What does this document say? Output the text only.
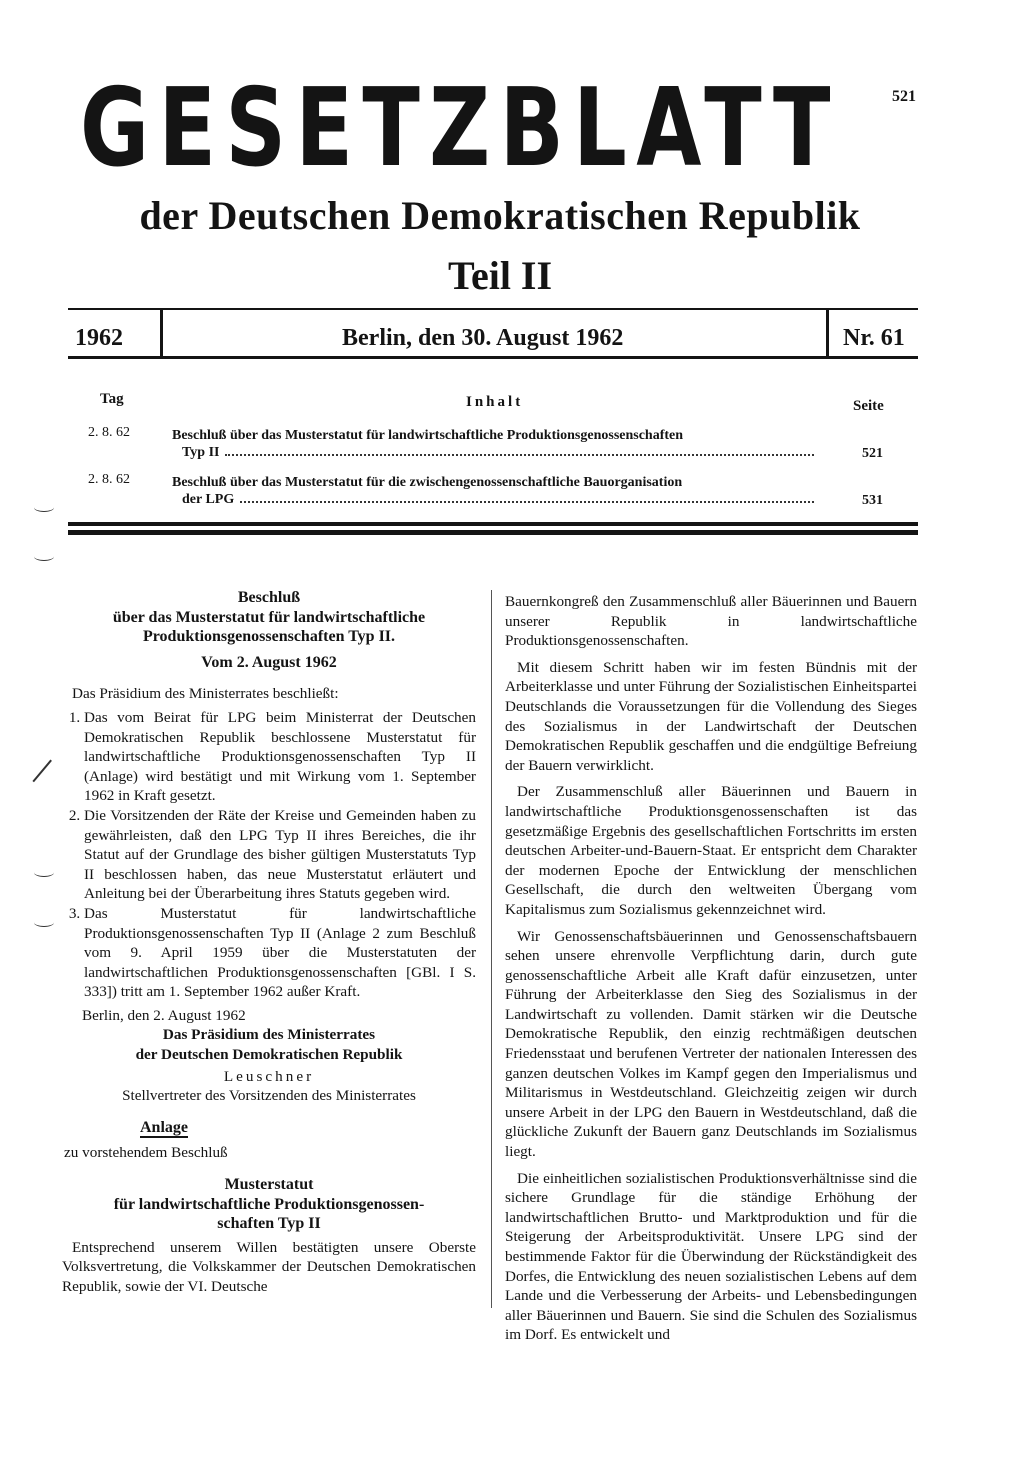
521
GESETZBLATT
der Deutschen Demokratischen Republik
Teil II
1962	Berlin, den 30. August 1962	Nr. 61
Tag	Inhalt	Seite
2. 8. 62	Beschluß über das Musterstatut für landwirtschaftliche Produktionsgenossenschaften
Typ II	521
2. 8. 62	Beschluß über das Musterstatut für die zwischengenossenschaftliche Bauorganisation
der LPG	531
Beschluß
über das Musterstatut für landwirtschaftliche
Produktionsgenossenschaften Typ II.
Vom 2. August 1962
Das Präsidium des Ministerrates beschließt:
1. Das vom Beirat für LPG beim Ministerrat der Deutschen Demokratischen Republik beschlossene Musterstatut für landwirtschaftliche Produktionsgenossenschaften Typ II (Anlage) wird bestätigt und mit Wirkung vom 1. September 1962 in Kraft gesetzt.
2. Die Vorsitzenden der Räte der Kreise und Gemeinden haben zu gewährleisten, daß den LPG Typ II ihres Bereiches, die ihr Statut auf der Grundlage des bisher gültigen Musterstatuts Typ II beschlossen haben, das neue Musterstatut erläutert und Anleitung bei der Überarbeitung ihres Statuts gegeben wird.
3. Das Musterstatut für landwirtschaftliche Produktionsgenossenschaften Typ II (Anlage 2 zum Beschluß vom 9. April 1959 über die Musterstatuten der landwirtschaftlichen Produktionsgenossenschaften [GBl. I S. 333]) tritt am 1. September 1962 außer Kraft.
Berlin, den 2. August 1962
Das Präsidium des Ministerrates
der Deutschen Demokratischen Republik
Leuschner
Stellvertreter des Vorsitzenden des Ministerrates
Anlage
zu vorstehendem Beschluß
Musterstatut
für landwirtschaftliche Produktionsgenossen-
schaften Typ II
Entsprechend unserem Willen bestätigten unsere Oberste Volksvertretung, die Volkskammer der Deutschen Demokratischen Republik, sowie der VI. Deutsche

Bauernkongreß den Zusammenschluß aller Bäuerinnen und Bauern unserer Republik in landwirtschaftliche Produktionsgenossenschaften.

Mit diesem Schritt haben wir im festen Bündnis mit der Arbeiterklasse und unter Führung der Sozialistischen Einheitspartei Deutschlands die Voraussetzungen für die Vollendung des Sieges des Sozialismus in der Landwirtschaft der Deutschen Demokratischen Republik geschaffen und die endgültige Befreiung der Bauern verwirklicht.

Der Zusammenschluß aller Bäuerinnen und Bauern in landwirtschaftliche Produktionsgenossenschaften ist das gesetzmäßige Ergebnis des gesellschaftlichen Fortschritts im ersten deutschen Arbeiter-und-Bauern-Staat. Er entspricht dem Charakter der modernen Epoche der Entwicklung der menschlichen Gesellschaft, die durch den weltweiten Übergang vom Kapitalismus zum Sozialismus gekennzeichnet wird.

Wir Genossenschaftsbäuerinnen und Genossenschaftsbauern sehen unsere ehrenvolle Verpflichtung darin, durch gute genossenschaftliche Arbeit alle Kraft dafür einzusetzen, unter Führung der Arbeiterklasse den Sieg des Sozialismus in der Landwirtschaft zu vollenden. Damit stärken wir die Deutsche Demokratische Republik, den einzig rechtmäßigen deutschen Friedensstaat und berufenen Vertreter der nationalen Interessen des ganzen deutschen Volkes im Kampf gegen den Imperialismus und Militarismus in Westdeutschland. Gleichzeitig zeigen wir durch unsere Arbeit in der LPG den Bauern in Westdeutschland, daß die glückliche Zukunft der Bauern ganz Deutschlands im Sozialismus liegt.

Die einheitlichen sozialistischen Produktionsverhältnisse sind die sichere Grundlage für die ständige Erhöhung der landwirtschaftlichen Brutto- und Marktproduktion und für die Steigerung der Arbeitsproduktivität. Unsere LPG sind der bestimmende Faktor für die Überwindung der Rückständigkeit des Dorfes, die Entwicklung des neuen sozialistischen Lebens auf dem Lande und die Verbesserung der Arbeits- und Lebensbedingungen aller Bäuerinnen und Bauern. Sie sind die Schulen des Sozialismus im Dorf. Es entwickelt und
